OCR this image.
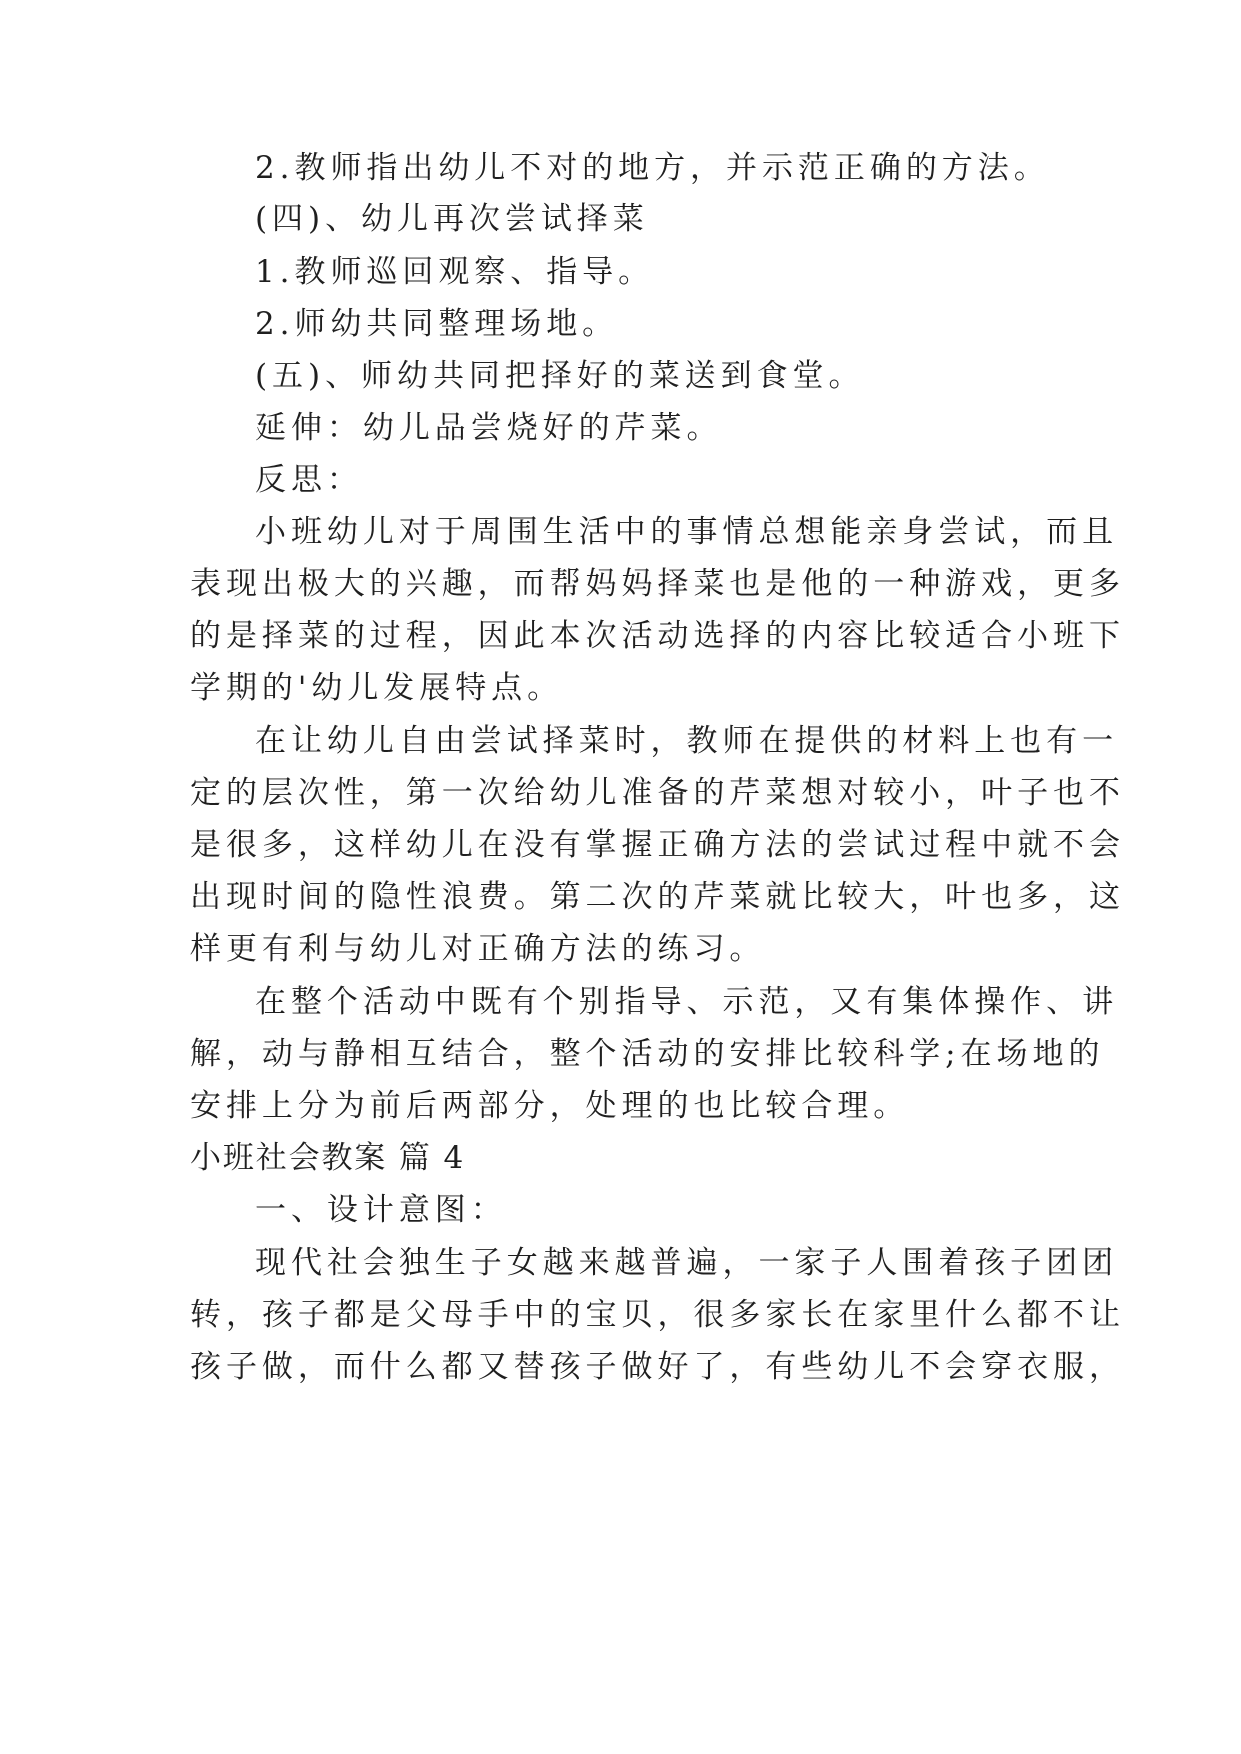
2.教师指出幼儿不对的地方，并示范正确的方法。

(四)、幼儿再次尝试择菜

1.教师巡回观察、指导。

2.师幼共同整理场地。

(五)、师幼共同把择好的菜送到食堂。

延伸：幼儿品尝烧好的芹菜。

反思：

小班幼儿对于周围生活中的事情总想能亲身尝试，而且

表现出极大的兴趣，而帮妈妈择菜也是他的一种游戏，更多

的是择菜的过程，因此本次活动选择的内容比较适合小班下

学期的'幼儿发展特点。

在让幼儿自由尝试择菜时，教师在提供的材料上也有一

定的层次性，第一次给幼儿准备的芹菜想对较小，叶子也不

是很多，这样幼儿在没有掌握正确方法的尝试过程中就不会

出现时间的隐性浪费。第二次的芹菜就比较大，叶也多，这

样更有利与幼儿对正确方法的练习。

在整个活动中既有个别指导、示范，又有集体操作、讲

解，动与静相互结合，整个活动的安排比较科学;在场地的

安排上分为前后两部分，处理的也比较合理。

小班社会教案 篇 4

一、设计意图：

现代社会独生子女越来越普遍，一家子人围着孩子团团

转，孩子都是父母手中的宝贝，很多家长在家里什么都不让

孩子做，而什么都又替孩子做好了，有些幼儿不会穿衣服，
